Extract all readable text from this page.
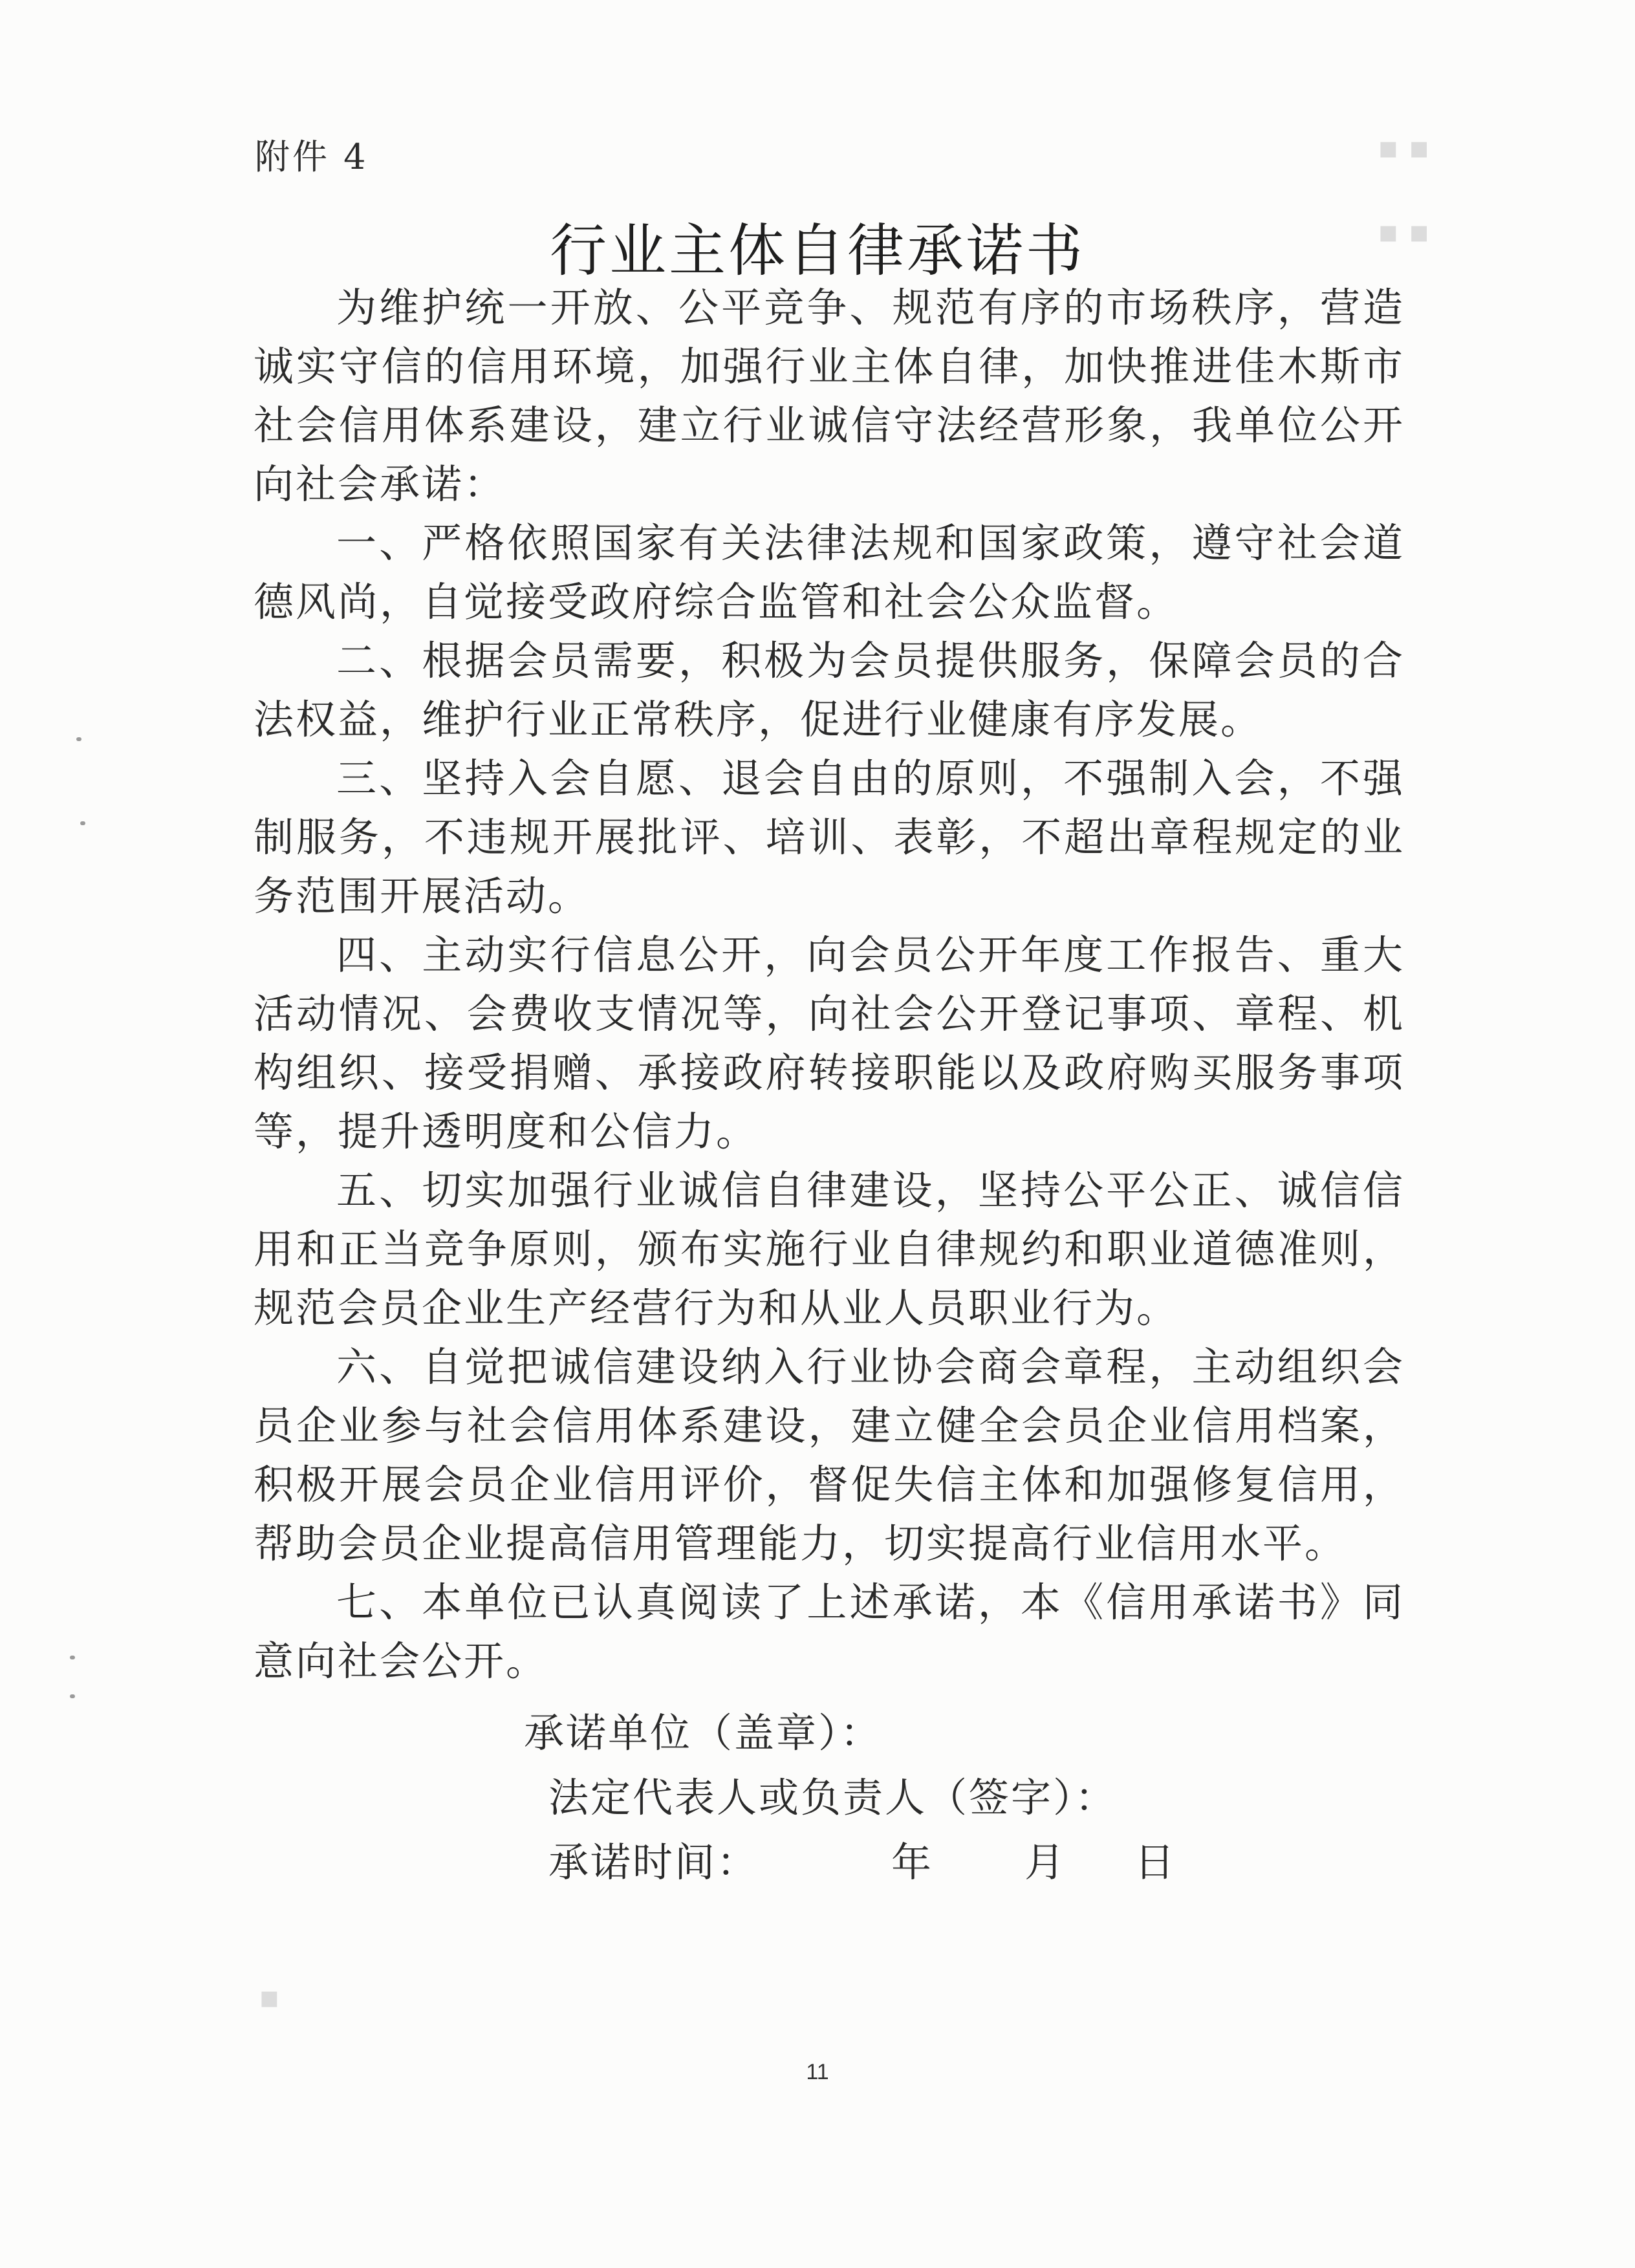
▪ ▪
▪ ▪
▪
附件 4
行业主体自律承诺书

为维护统一开放、公平竞争、规范有序的市场秩序，营造诚实守信的信用环境，加强行业主体自律，加快推进佳木斯市社会信用体系建设，建立行业诚信守法经营形象，我单位公开向社会承诺：

一、严格依照国家有关法律法规和国家政策，遵守社会道德风尚，自觉接受政府综合监管和社会公众监督。

二、根据会员需要，积极为会员提供服务，保障会员的合法权益，维护行业正常秩序，促进行业健康有序发展。

三、坚持入会自愿、退会自由的原则，不强制入会，不强制服务，不违规开展批评、培训、表彰，不超出章程规定的业务范围开展活动。

四、主动实行信息公开，向会员公开年度工作报告、重大活动情况、会费收支情况等，向社会公开登记事项、章程、机构组织、接受捐赠、承接政府转接职能以及政府购买服务事项等，提升透明度和公信力。

五、切实加强行业诚信自律建设，坚持公平公正、诚信信用和正当竞争原则，颁布实施行业自律规约和职业道德准则，规范会员企业生产经营行为和从业人员职业行为。

六、自觉把诚信建设纳入行业协会商会章程，主动组织会员企业参与社会信用体系建设，建立健全会员企业信用档案，积极开展会员企业信用评价，督促失信主体和加强修复信用，帮助会员企业提高信用管理能力，切实提高行业信用水平。

七、本单位已认真阅读了上述承诺，本《信用承诺书》同意向社会公开。

承诺单位（盖章）：
法定代表人或负责人（签字）：
承诺时间：	年 月 日
11
